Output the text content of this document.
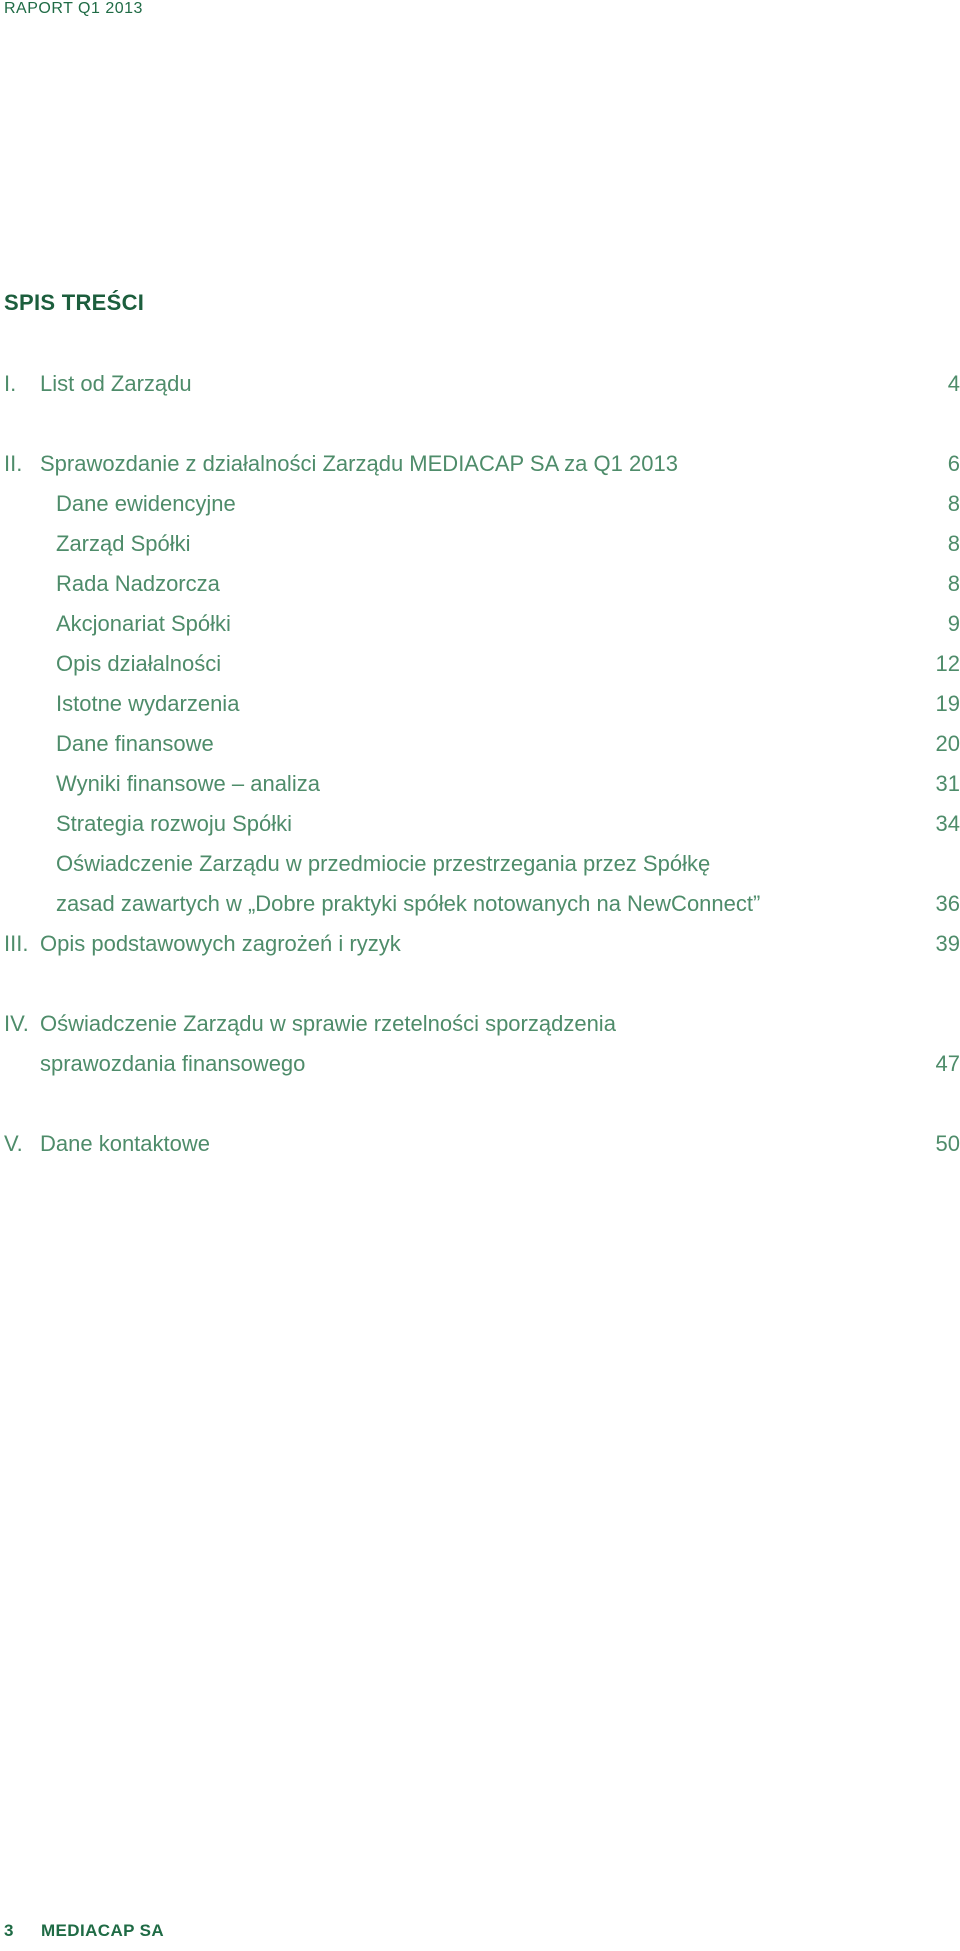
RAPORT Q1 2013
SPIS TREŚCI
I. List od Zarządu	4
II. Sprawozdanie z działalności Zarządu MEDIACAP SA za Q1 2013	6
Dane ewidencyjne	8
Zarząd Spółki	8
Rada Nadzorcza	8
Akcjonariat Spółki	9
Opis działalności	12
Istotne wydarzenia	19
Dane finansowe	20
Wyniki finansowe – analiza	31
Strategia rozwoju Spółki	34
Oświadczenie Zarządu w przedmiocie przestrzegania przez Spółkę
zasad zawartych w „Dobre praktyki spółek notowanych na NewConnect”	36
III. Opis podstawowych zagrożeń i ryzyk	39
IV. Oświadczenie Zarządu w sprawie rzetelności sporządzenia
sprawozdania finansowego	47
V. Dane kontaktowe	50
3 MEDIACAP SA
